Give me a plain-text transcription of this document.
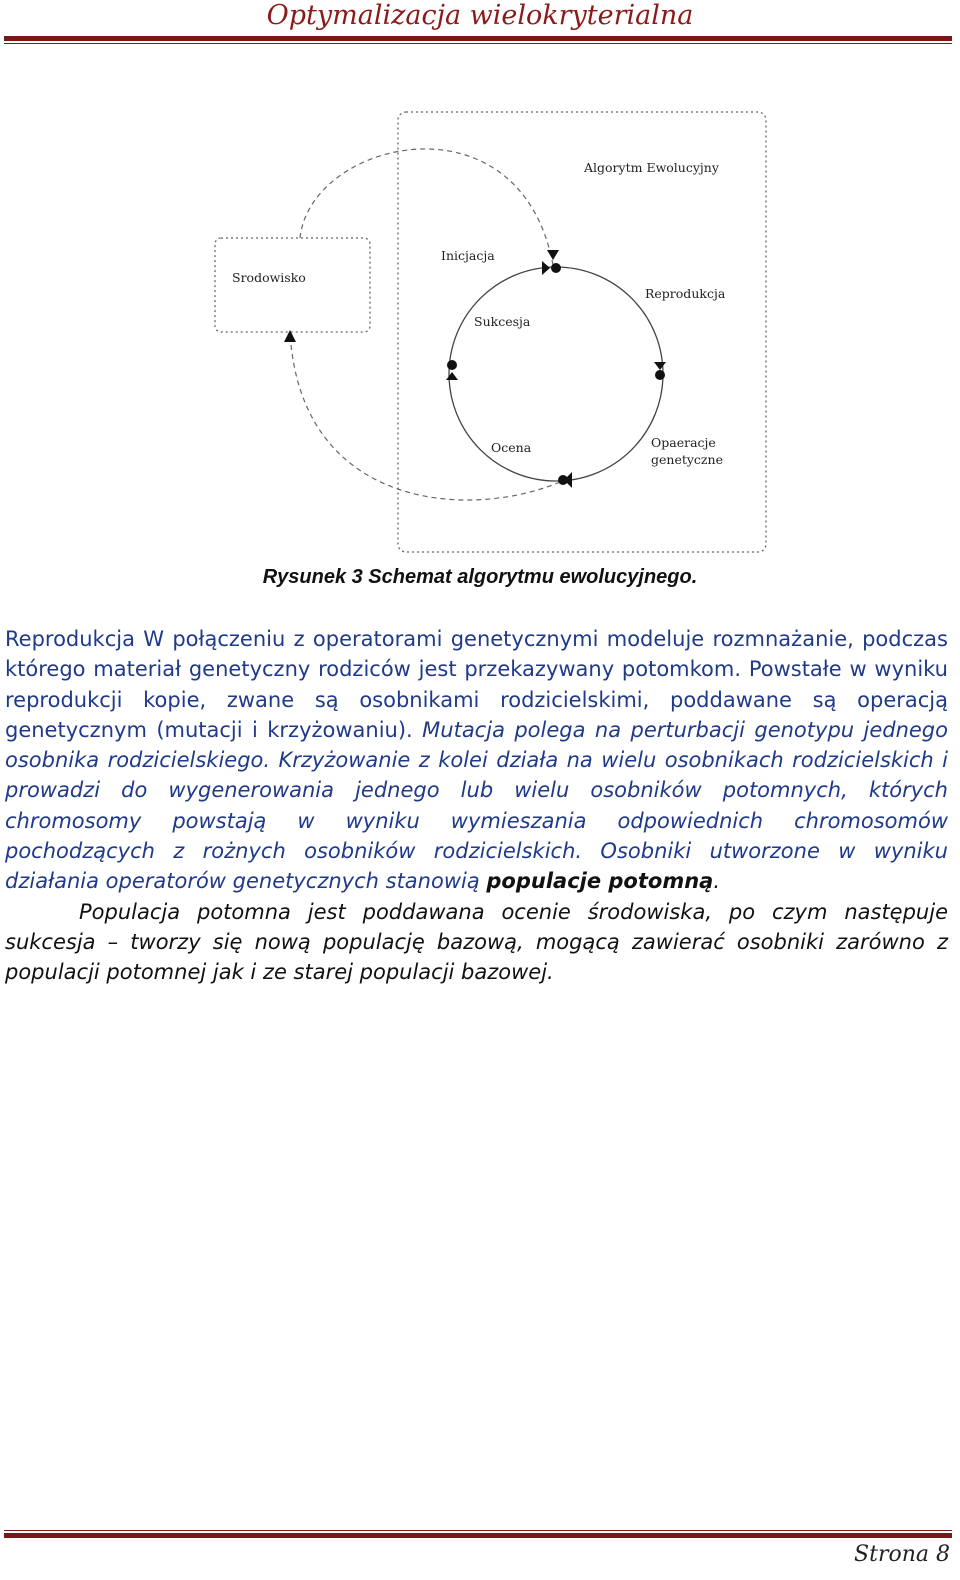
Optymalizacja wielokryterialna
Algorytm Ewolucyjny
Srodowisko
Inicjacja
Reprodukcja
Sukcesja
Ocena	Opaeracje
genetyczne
Rysunek 3 Schemat algorytmu ewolucyjnego.

Reprodukcja W połączeniu z operatorami genetycznymi modeluje rozmnażanie, podczas którego materiał genetyczny rodziców jest przekazywany potomkom. Powstałe w wyniku reprodukcji kopie, zwane są osobnikami rodzicielskimi, poddawane są operacją genetycznym (mutacji i krzyżowaniu). Mutacja polega na perturbacji genotypu jednego osobnika rodzicielskiego. Krzyżowanie z kolei działa na wielu osobnikach rodzicielskich i prowadzi do wygenerowania jednego lub wielu osobników potomnych, których chromosomy powstają w wyniku wymieszania odpowiednich chromosomów pochodzących z rożnych osobników rodzicielskich. Osobniki utworzone w wyniku działania operatorów genetycznych stanowią populacje potomną.

Populacja potomna jest poddawana ocenie środowiska, po czym następuje sukcesja – tworzy się nową populację bazową, mogącą zawierać osobniki zarówno z populacji potomnej jak i ze starej populacji bazowej.

Strona 8
